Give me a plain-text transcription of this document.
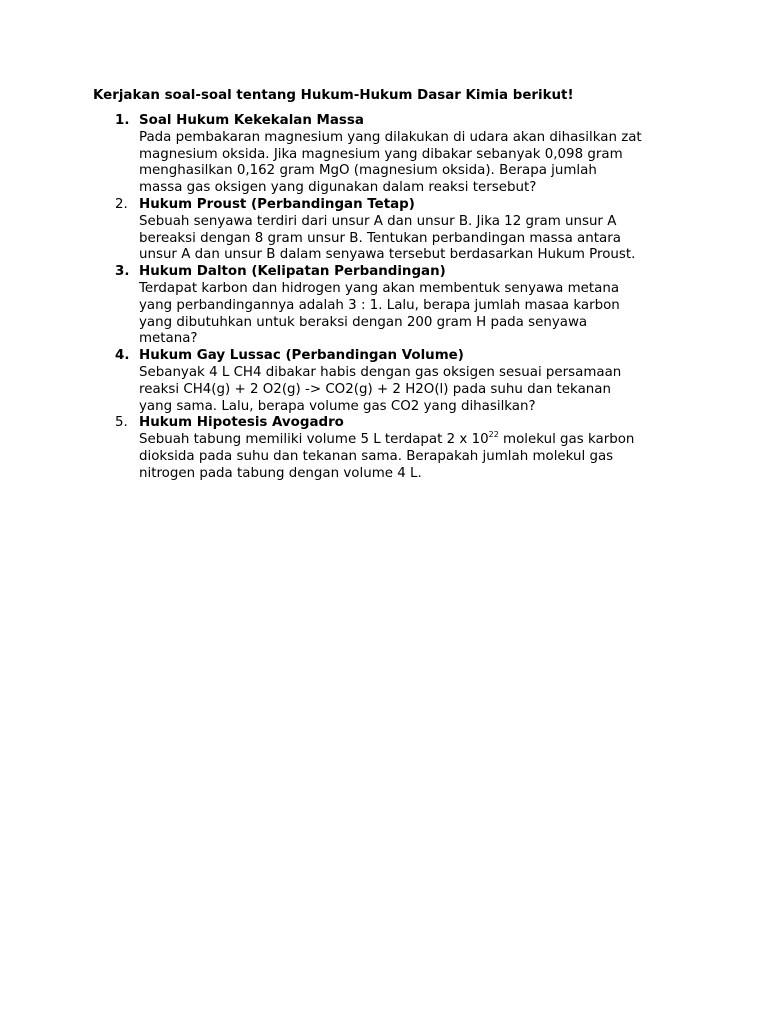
Kerjakan soal-soal tentang Hukum-Hukum Dasar Kimia berikut!
1. Soal Hukum Kekekalan Massa
Pada pembakaran magnesium yang dilakukan di udara akan dihasilkan zat
magnesium oksida. Jika magnesium yang dibakar sebanyak 0,098 gram
menghasilkan 0,162 gram MgO (magnesium oksida). Berapa jumlah
massa gas oksigen yang digunakan dalam reaksi tersebut?
2. Hukum Proust (Perbandingan Tetap)
Sebuah senyawa terdiri dari unsur A dan unsur B. Jika 12 gram unsur A
bereaksi dengan 8 gram unsur B. Tentukan perbandingan massa antara
unsur A dan unsur B dalam senyawa tersebut berdasarkan Hukum Proust.
3. Hukum Dalton (Kelipatan Perbandingan)
Terdapat karbon dan hidrogen yang akan membentuk senyawa metana
yang perbandingannya adalah 3 : 1. Lalu, berapa jumlah masaa karbon
yang dibutuhkan untuk beraksi dengan 200 gram H pada senyawa
metana?
4. Hukum Gay Lussac (Perbandingan Volume)
Sebanyak 4 L CH4 dibakar habis dengan gas oksigen sesuai persamaan
reaksi CH4(g) + 2 O2(g) -> CO2(g) + 2 H2O(l) pada suhu dan tekanan
yang sama. Lalu, berapa volume gas CO2 yang dihasilkan?
5. Hukum Hipotesis Avogadro
Sebuah tabung memiliki volume 5 L terdapat 2 x $10^{22}$ molekul gas karbon
dioksida pada suhu dan tekanan sama. Berapakah jumlah molekul gas
nitrogen pada tabung dengan volume 4 L.
